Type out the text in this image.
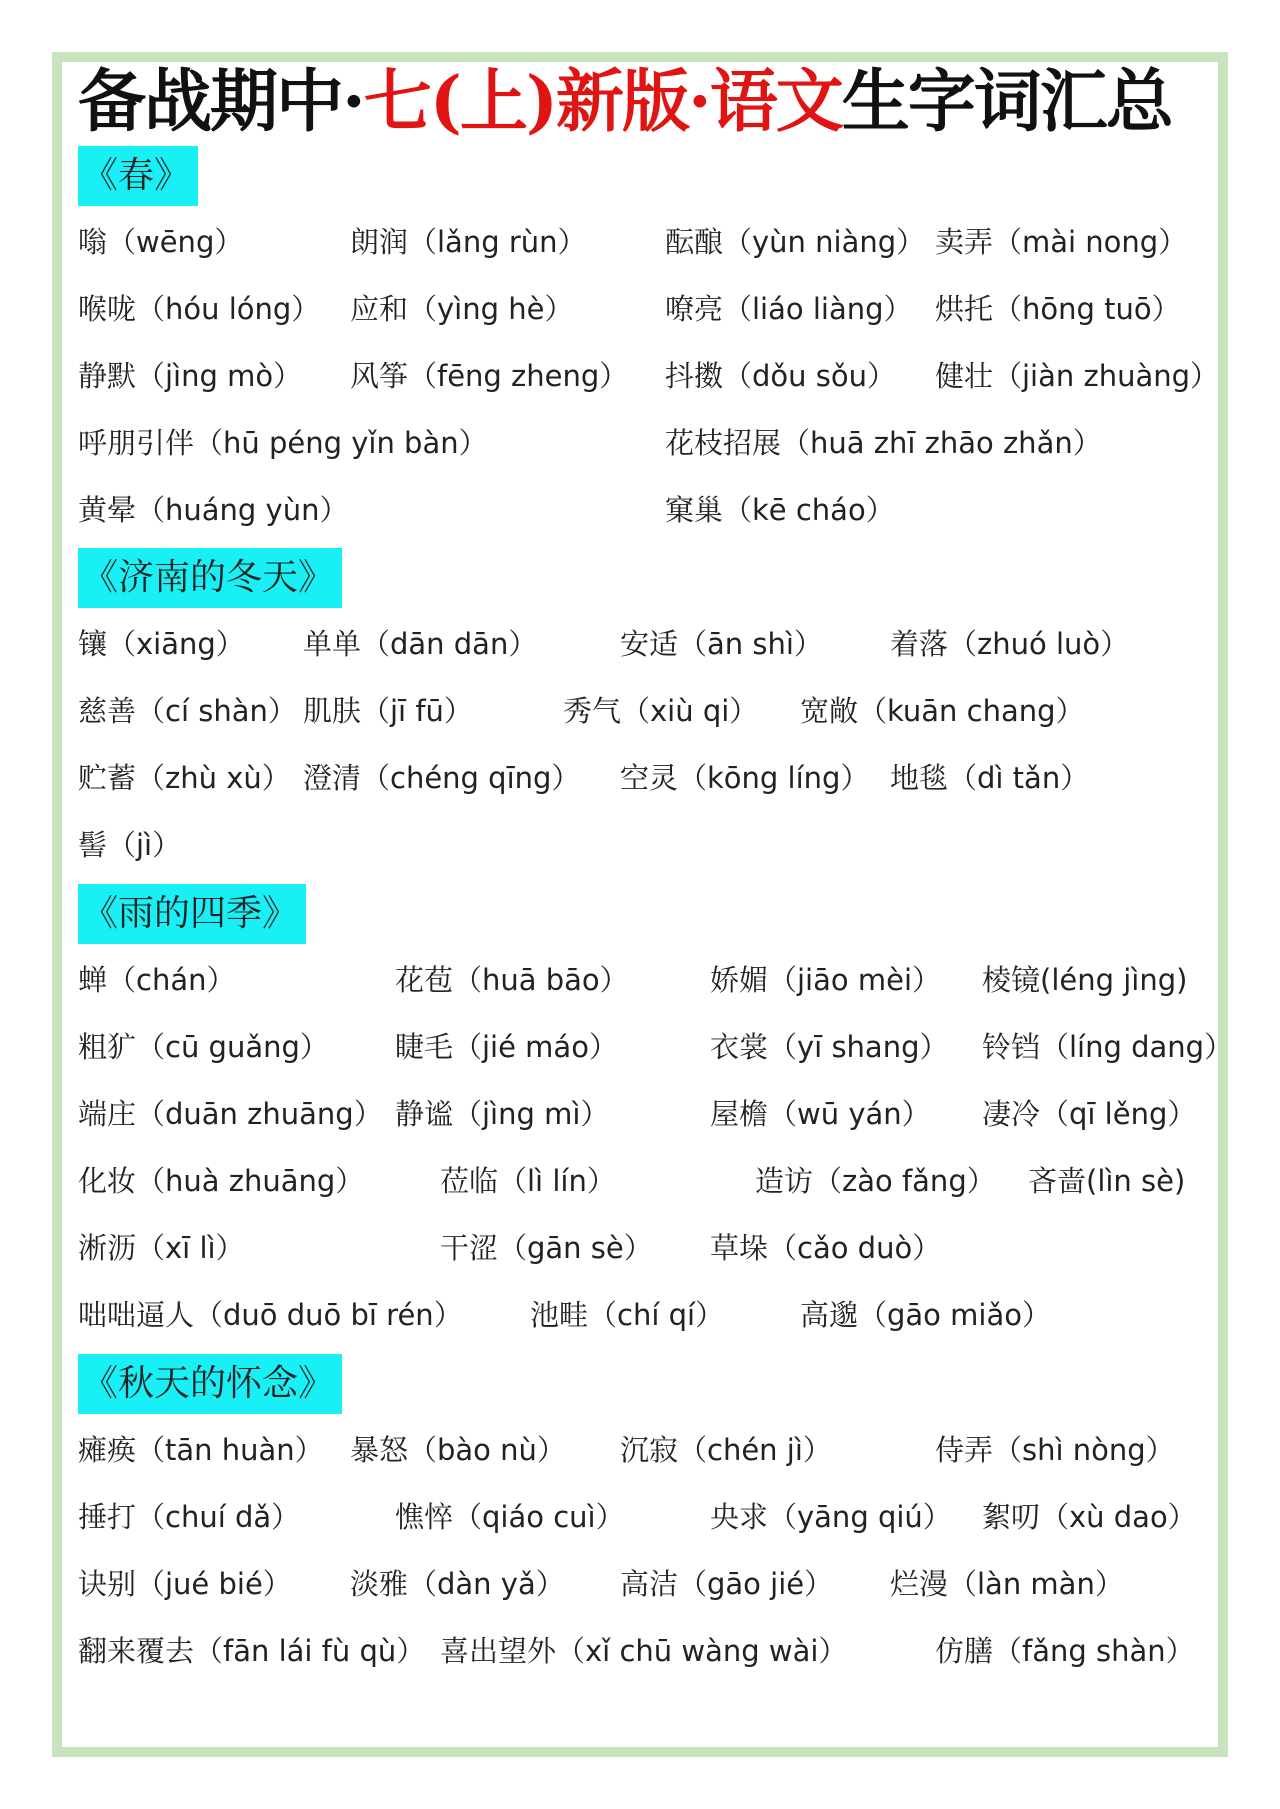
备战期中·七(上)新版·语文生字词汇总
《春》
嗡（wēng）	朗润（lǎng rùn）	酝酿（yùn niàng） 卖弄（mài nong）
喉咙（hóu lóng） 应和（yìng hè）	嘹亮（liáo liàng） 烘托（hōng tuō）
静默（jìng mò） 风筝（fēng zheng） 抖擞（dǒu sǒu） 健壮（jiàn zhuàng）
呼朋引伴（hū péng yǐn bàn）	花枝招展（huā zhī zhāo zhǎn）
黄晕（huáng yùn）	窠巢（kē cháo）
《济南的冬天》
镶（xiāng） 单单（dān dān）	安适（ān shì） 着落（zhuó luò）
慈善（cí shàn） 肌肤（jī fū）	秀气（xiù qi） 宽敞（kuān chang）
贮蓄（zhù xù） 澄清（chéng qīng） 空灵（kōng líng） 地毯（dì tǎn）
髻（jì）
《雨的四季》
蝉（chán）	花苞（huā bāo）	娇媚（jiāo mèi） 棱镜(léng jìng)
粗犷（cū guǎng） 睫毛（jié máo）	衣裳（yī shang） 铃铛（líng dang）
端庄（duān zhuāng） 静谧（jìng mì）	屋檐（wū yán） 凄冷（qī lěng）
化妆（huà zhuāng）	莅临（lì lín）	造访（zào fǎng） 吝啬(lìn sè)
淅沥（xī lì）	干涩（gān sè） 草垛（cǎo duò）
咄咄逼人（duō duō bī rén） 池畦（chí qí）	高邈（gāo miǎo）
《秋天的怀念》
瘫痪（tān huàn） 暴怒（bào nù） 沉寂（chén jì）	侍弄（shì nòng）
捶打（chuí dǎ）	憔悴（qiáo cuì）	央求（yāng qiú） 絮叨（xù dao）
诀别（jué bié） 淡雅（dàn yǎ） 高洁（gāo jié） 烂漫（làn màn）
翻来覆去（fān lái fù qù） 喜出望外（xǐ chū wàng wài）	仿膳（fǎng shàn）
